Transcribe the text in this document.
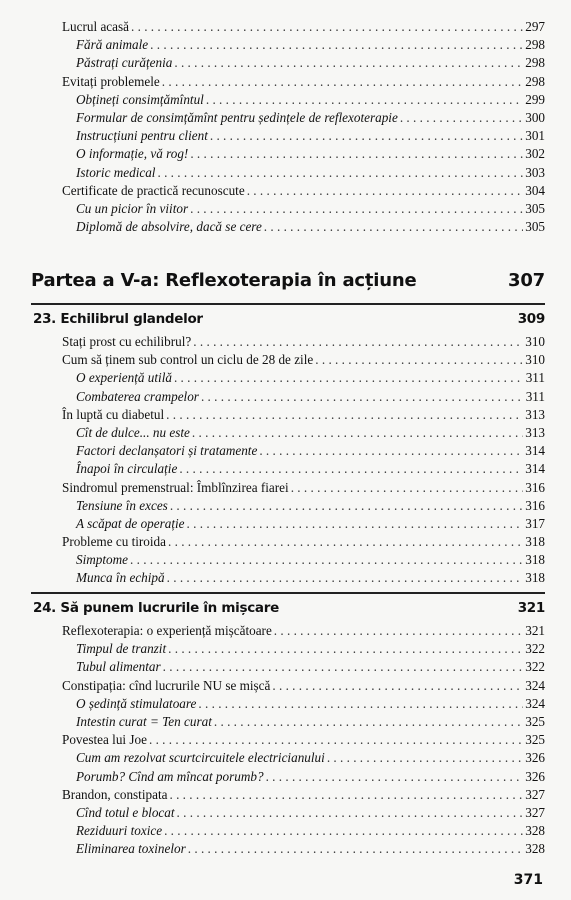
Lucrul acasă . . .	297
Fără animale . . .	298
Păstrați curățenia . . .	298
Evitați problemele . . .	298
Obțineți consimțămîntul . . .	299
Formular de consimțămînt pentru ședințele de reflexoterapie . . .	300
Instrucțiuni pentru client . . .	301
O informație, vă rog! . . .	302
Istoric medical . . .	303
Certificate de practică recunoscute . . .	304
Cu un picior în viitor . . .	305
Diplomă de absolvire, dacă se cere . . .	305
Partea a V-a: Reflexoterapia în acțiune	307
23. Echilibrul glandelor	309
Stați prost cu echilibrul? . . .	310
Cum să ținem sub control un ciclu de 28 de zile . . .	310
O experiență utilă . . .	311
Combaterea crampelor . . .	311
În luptă cu diabetul . . .	313
Cît de dulce... nu este . . .	313
Factori declanșatori și tratamente . . .	314
Înapoi în circulație . . .	314
Sindromul premenstrual: Îmblînzirea fiarei . . .	316
Tensiune în exces . . .	316
A scăpat de operație . . .	317
Probleme cu tiroida . . .	318
Simptome . . .	318
Munca în echipă . . .	318
24. Să punem lucrurile în mișcare	321
Reflexoterapia: o experiență mișcătoare . . .	321
Timpul de tranzit . . .	322
Tubul alimentar . . .	322
Constipația: cînd lucrurile NU se mișcă . . .	324
O ședință stimulatoare . . .	324
Intestin curat = Ten curat . . .	325
Povestea lui Joe . . .	325
Cum am rezolvat scurtcircuitele electricianului . . .	326
Porumb? Cînd am mîncat porumb? . . .	326
Brandon, constipata . . .	327
Cînd totul e blocat . . .	327
Reziduuri toxice . . .	328
Eliminarea toxinelor . . .	328
371
